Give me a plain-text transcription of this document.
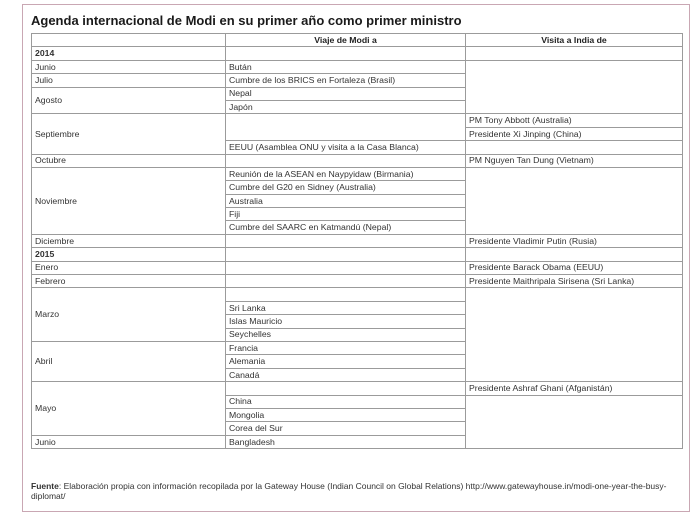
Agenda internacional de Modi en su primer año como primer ministro
	Viaje de Modi a	Visita a India de
2014		
Junio	Bután	
Julio	Cumbre de los BRICS en Fortaleza (Brasil)	
Agosto	Nepal	
	Japón	
Septiembre		PM Tony Abbott (Australia)
		Presidente Xi Jinping (China)
	EEUU (Asamblea ONU y visita a la Casa Blanca)	
Octubre		PM Nguyen Tan Dung (Vietnam)
Noviembre	Reunión de la ASEAN en Naypyidaw (Birmania)	
	Cumbre del G20 en Sidney (Australia)	
	Australia	
	Fiji	
	Cumbre del SAARC en Katmandú (Nepal)	
Diciembre		Presidente Vladimir Putin (Rusia)
2015		
Enero		Presidente Barack Obama (EEUU)
Febrero		Presidente Maithripala Sirisena (Sri Lanka)
Marzo		
	Sri Lanka	
	Islas Mauricio	
	Seychelles	
Abril	Francia	
	Alemania	
	Canadá	
Mayo		Presidente Ashraf Ghani (Afganistán)
	China	
	Mongolia	
	Corea del Sur	
Junio	Bangladesh	
Fuente: Elaboración propia con información recopilada por la Gateway House (Indian Council on Global Relations) http://www.gatewayhouse.in/modi-one-year-the-busy-diplomat/
